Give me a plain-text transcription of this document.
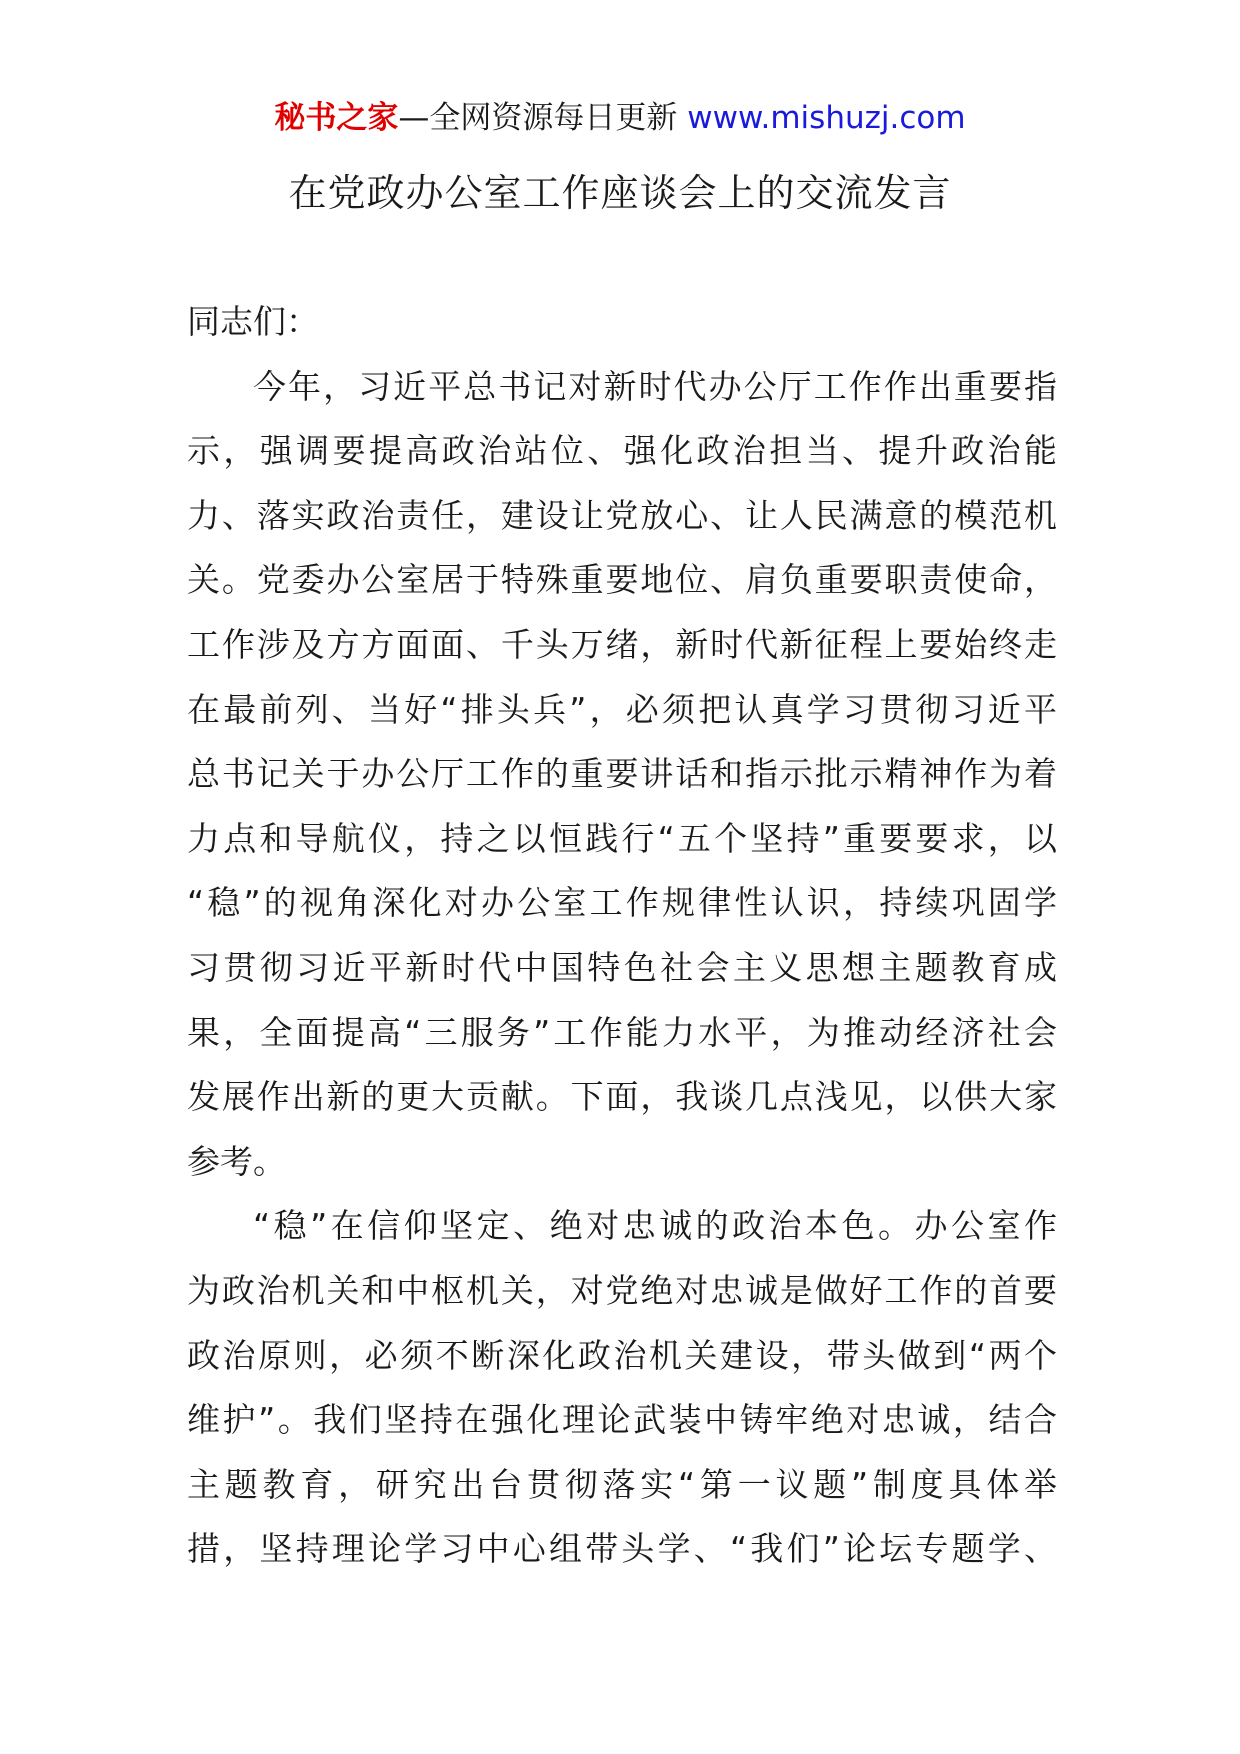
秘书之家—全网资源每日更新 www.mishuzj.com
在党政办公室工作座谈会上的交流发言
同志们：
今年，习近平总书记对新时代办公厅工作作出重要指
示，强调要提高政治站位、强化政治担当、提升政治能
力、落实政治责任，建设让党放心、让人民满意的模范机
关。党委办公室居于特殊重要地位、肩负重要职责使命，
工作涉及方方面面、千头万绪，新时代新征程上要始终走
在最前列、当好“排头兵”，必须把认真学习贯彻习近平
总书记关于办公厅工作的重要讲话和指示批示精神作为着
力点和导航仪，持之以恒践行“五个坚持”重要要求，以
“稳”的视角深化对办公室工作规律性认识，持续巩固学
习贯彻习近平新时代中国特色社会主义思想主题教育成
果，全面提高“三服务”工作能力水平，为推动经济社会
发展作出新的更大贡献。下面，我谈几点浅见，以供大家
参考。
“稳”在信仰坚定、绝对忠诚的政治本色。办公室作
为政治机关和中枢机关，对党绝对忠诚是做好工作的首要
政治原则，必须不断深化政治机关建设，带头做到“两个
维护”。我们坚持在强化理论武装中铸牢绝对忠诚，结合
主题教育，研究出台贯彻落实“第一议题”制度具体举
措，坚持理论学习中心组带头学、“我们”论坛专题学、
